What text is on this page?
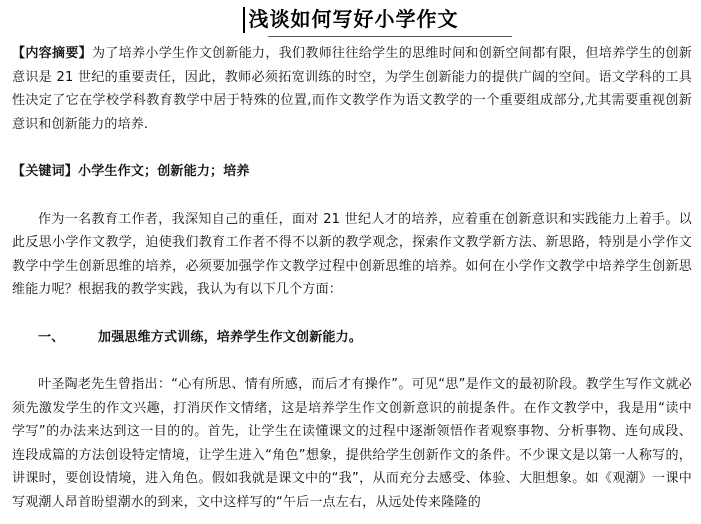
浅谈如何写好小学作文

【内容摘要】为了培养小学生作文创新能力，我们教师往往给学生的思维时间和创新空间都有限，但培养学生的创新意识是 21 世纪的重要责任，因此，教师必须拓宽训练的时空，为学生创新能力的提供广阔的空间。语文学科的工具性决定了它在学校学科教育教学中居于特殊的位置,而作文教学作为语文教学的一个重要组成部分,尤其需要重视创新意识和创新能力的培养.

【关键词】小学生作文；创新能力；培养

作为一名教育工作者，我深知自己的重任，面对 21 世纪人才的培养，应着重在创新意识和实践能力上着手。以此反思小学作文教学，迫使我们教育工作者不得不以新的教学观念，探索作文教学新方法、新思路，特别是小学作文教学中学生创新思维的培养，必须要加强学作文教学过程中创新思维的培养。如何在小学作文教学中培养学生创新思维能力呢？根据我的教学实践，我认为有以下几个方面：

一、	加强思维方式训练，培养学生作文创新能力。

叶圣陶老先生曾指出：“心有所思、情有所感，而后才有操作”。可见“思”是作文的最初阶段。教学生写作文就必须先激发学生的作文兴趣，打消厌作文情绪，这是培养学生作文创新意识的前提条件。在作文教学中，我是用“读中学写”的办法来达到这一目的的。首先，让学生在读懂课文的过程中逐渐领悟作者观察事物、分析事物、连句成段、连段成篇的方法创设特定情境，让学生进入“角色”想象，提供给学生创新作文的条件。不少课文是以第一人称写的，讲课时，要创设情境，进入角色。假如我就是课文中的“我”，从而充分去感受、体验、大胆想象。如《观潮》一课中写观潮人昂首盼望潮水的到来，文中这样写的“午后一点左右，从远处传来隆隆的
